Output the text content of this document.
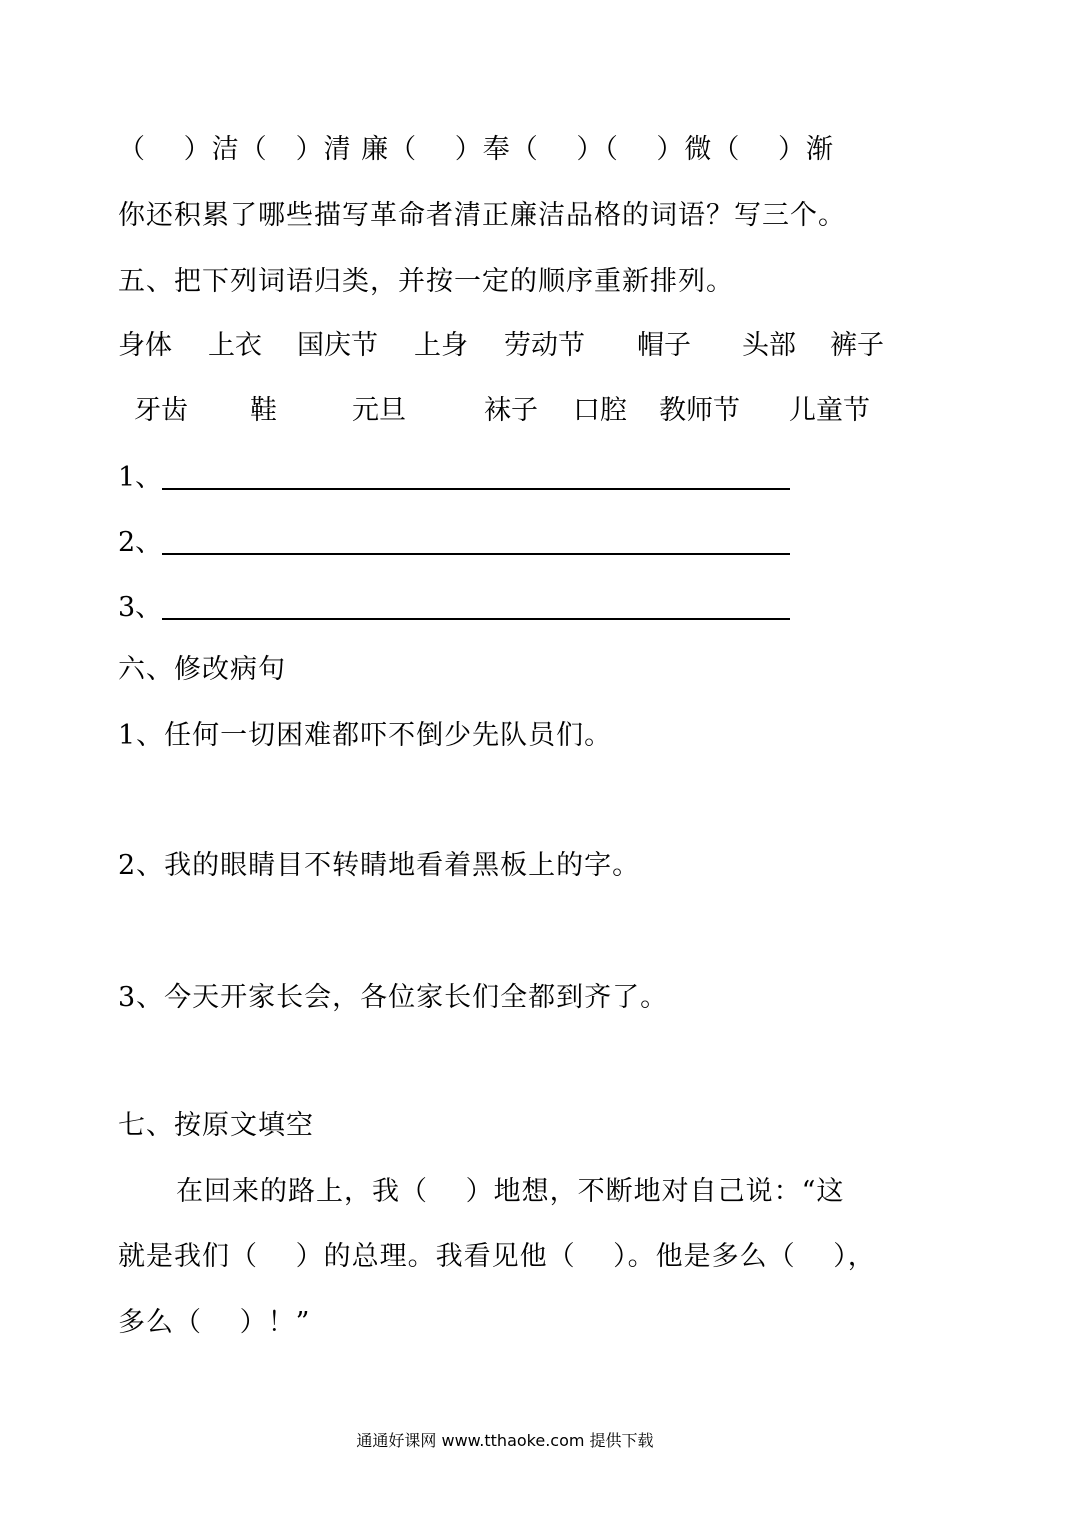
（　 ）洁（　）清 廉（　 ）奉（　 ）（　 ）微（　 ）渐
你还积累了哪些描写革命者清正廉洁品格的词语？写三个。
五、把下列词语归类，并按一定的顺序重新排列。
身体 上衣 国庆节 上身 劳动节 帽子 头部 裤子
牙齿 鞋	元旦	袜子 口腔 教师节 儿童节
1、
2、
3、
六、修改病句
1、任何一切困难都吓不倒少先队员们。
2、我的眼睛目不转睛地看着黑板上的字。
3、今天开家长会，各位家长们全都到齐了。
七、按原文填空
在回来的路上，我（　 ）地想，不断地对自己说：“这
就是我们（　 ）的总理。我看见他（　 ）。他是多么（　 ），
多么（　 ）！”
通通好课网 www.tthaoke.com 提供下载
